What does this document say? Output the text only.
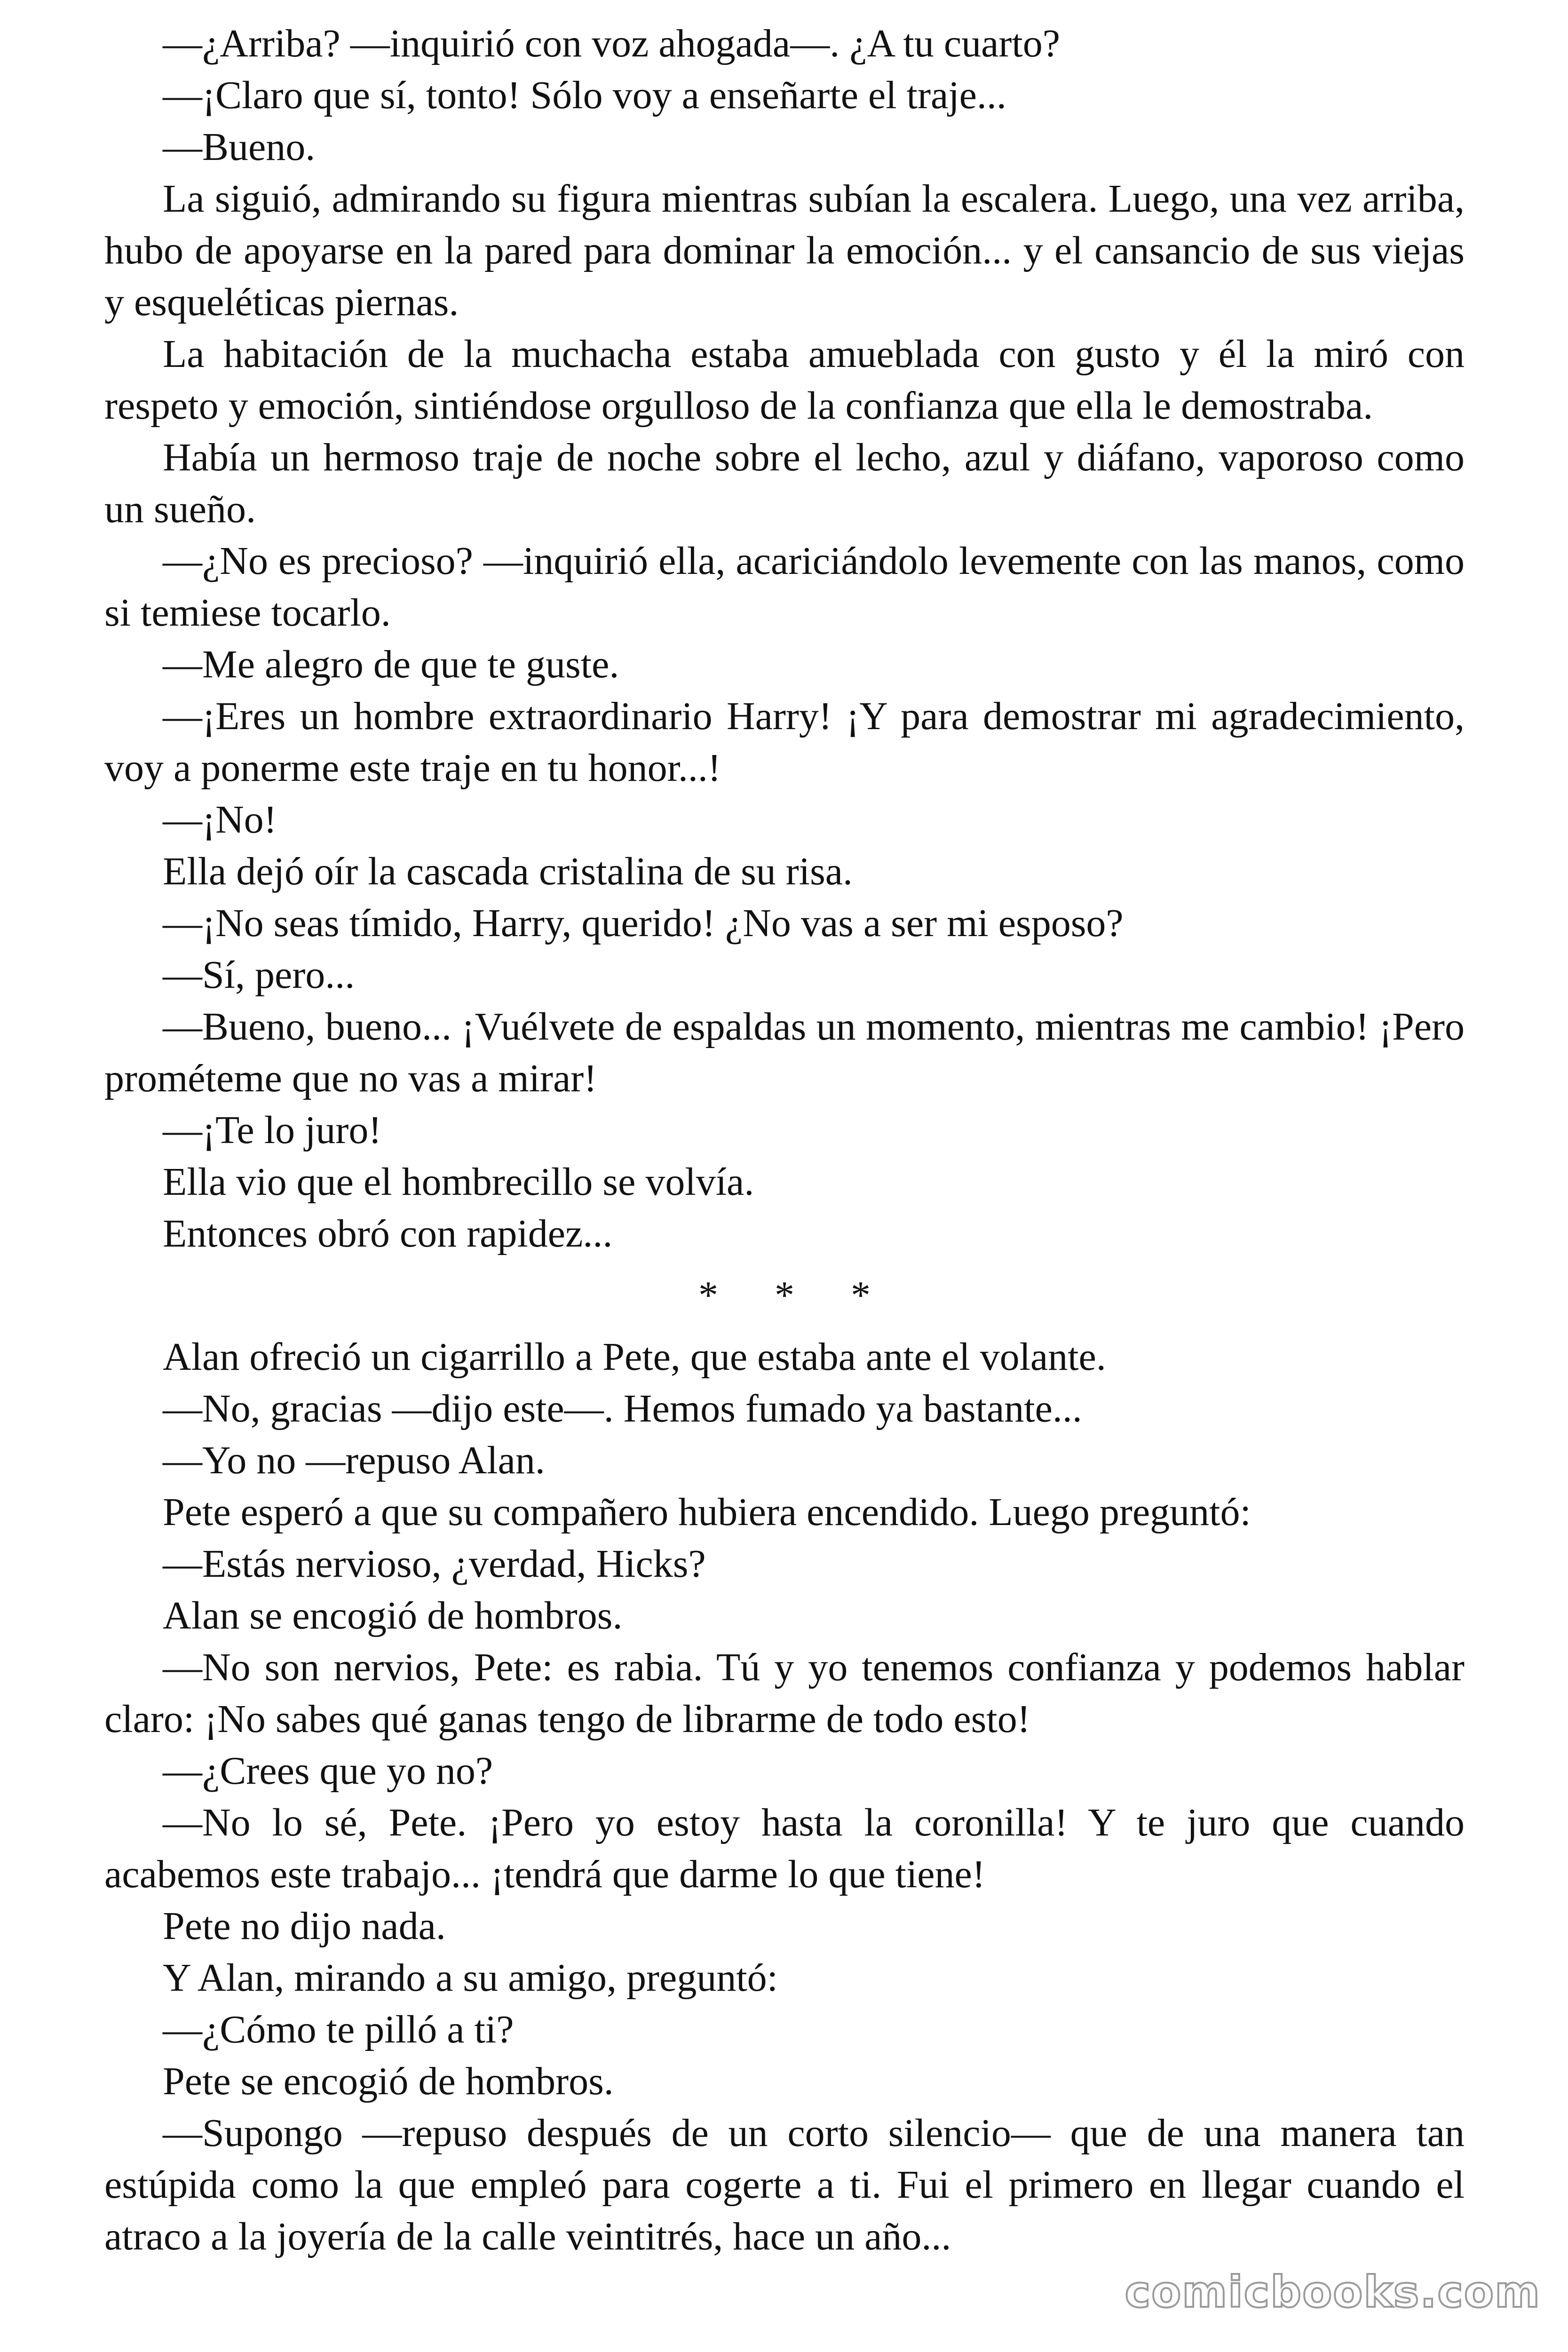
—¿Arriba? —inquirió con voz ahogada—. ¿A tu cuarto?

—¡Claro que sí, tonto! Sólo voy a enseñarte el traje...

—Bueno.

La siguió, admirando su figura mientras subían la escalera. Luego, una vez arriba, hubo de apoyarse en la pared para dominar la emoción... y el cansancio de sus viejas y esqueléticas piernas.

La habitación de la muchacha estaba amueblada con gusto y él la miró con respeto y emoción, sintiéndose orgulloso de la confianza que ella le demostraba.

Había un hermoso traje de noche sobre el lecho, azul y diáfano, vaporoso como un sueño.

—¿No es precioso? —inquirió ella, acariciándolo levemente con las manos, como si temiese tocarlo.

—Me alegro de que te guste.

—¡Eres un hombre extraordinario Harry! ¡Y para demostrar mi agradecimiento, voy a ponerme este traje en tu honor...!

—¡No!

Ella dejó oír la cascada cristalina de su risa.

—¡No seas tímido, Harry, querido! ¿No vas a ser mi esposo?

—Sí, pero...

—Bueno, bueno... ¡Vuélvete de espaldas un momento, mientras me cambio! ¡Pero prométeme que no vas a mirar!

—¡Te lo juro!

Ella vio que el hombrecillo se volvía.

Entonces obró con rapidez...

* * *

Alan ofreció un cigarrillo a Pete, que estaba ante el volante.

—No, gracias —dijo este—. Hemos fumado ya bastante...

—Yo no —repuso Alan.

Pete esperó a que su compañero hubiera encendido. Luego preguntó:

—Estás nervioso, ¿verdad, Hicks?

Alan se encogió de hombros.

—No son nervios, Pete: es rabia. Tú y yo tenemos confianza y podemos hablar claro: ¡No sabes qué ganas tengo de librarme de todo esto!

—¿Crees que yo no?

—No lo sé, Pete. ¡Pero yo estoy hasta la coronilla! Y te juro que cuando acabemos este trabajo... ¡tendrá que darme lo que tiene!

Pete no dijo nada.

Y Alan, mirando a su amigo, preguntó:

—¿Cómo te pilló a ti?

Pete se encogió de hombros.

—Supongo —repuso después de un corto silencio— que de una manera tan estúpida como la que empleó para cogerte a ti. Fui el primero en llegar cuando el atraco a la joyería de la calle veintitrés, hace un año...

comicbooks.com
